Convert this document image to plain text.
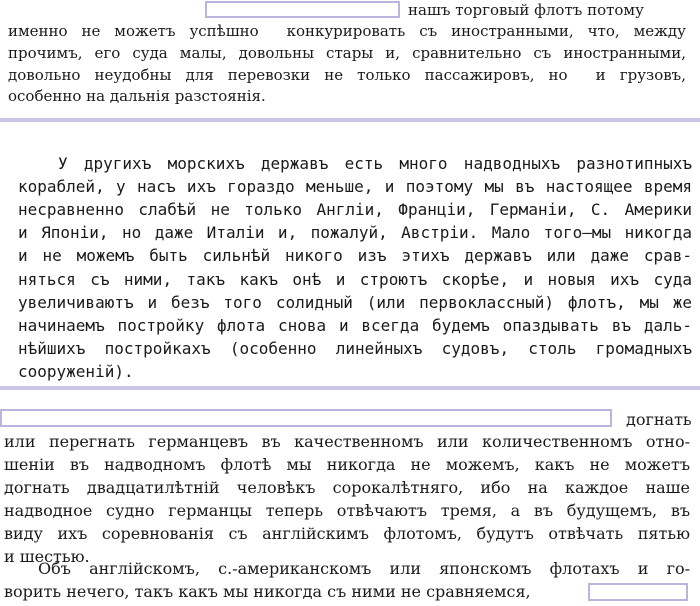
нашъ торговый флотъ потому
именно не можетъ успѣшно  конкурировать съ иностранными, что, между
прочимъ, его суда малы, довольны стары и, сравнительно съ иностранными,
довольно неудобны для перевозки не только пассажировъ, но  и грузовъ,
особенно на дальнія разстоянія.
У другихъ морскихъ державъ есть много надводныхъ разнотипныхъ
кораблей, у насъ ихъ гораздо меньше, и поэтому мы въ настоящее время
несравненно слабѣй не только Англіи, Франціи, Германіи, С. Америки
и Японіи, но даже Италіи и, пожалуй, Австріи. Мало того—мы никогда
и не можемъ быть сильнѣй никого изъ этихъ державъ или даже срав-
няться съ ними, такъ какъ онѣ и строютъ скорѣе, и новыя ихъ суда
увеличиваютъ и безъ того солидный (или первоклассный) флотъ, мы же
начинаемъ постройку флота снова и всегда будемъ опаздывать въ даль-
нѣйшихъ постройкахъ (особенно линейныхъ судовъ, столь громадныхъ
сооруженій).
догнать
или перегнать германцевъ въ качественномъ или количественномъ отно-
шеніи въ надводномъ флотѣ мы никогда не можемъ, какъ не можетъ
догнать двадцатилѣтній человѣкъ сорокалѣтняго, ибо на каждое наше
надводное судно германцы теперь отвѣчаютъ тремя, а въ будущемъ, въ
виду ихъ соревнованія съ англійскимъ флотомъ, будутъ отвѣчать пятью
и шестью.
Объ англійскомъ, с.-американскомъ или японскомъ флотахъ и го-
ворить нечего, такъ какъ мы никогда съ ними не сравняемся,
